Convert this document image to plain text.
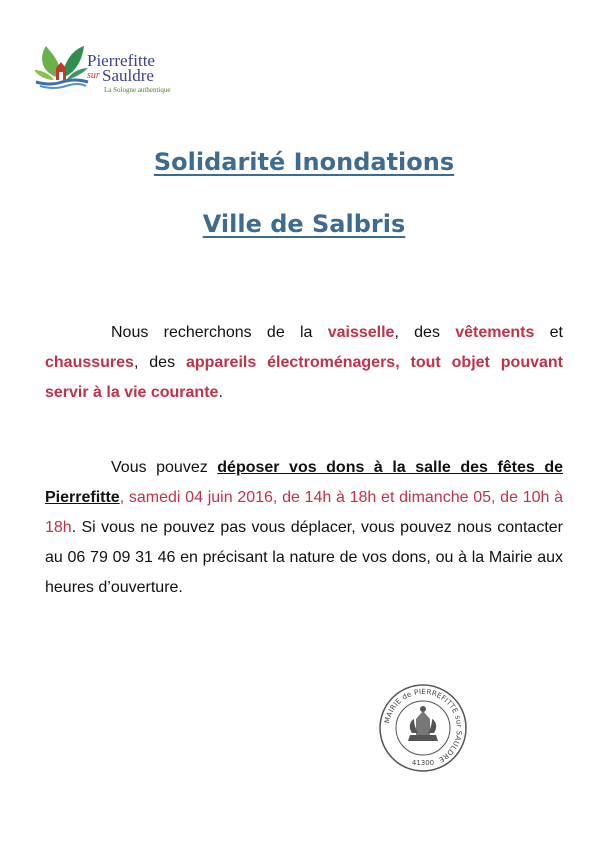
Pierrefitte
sur Sauldre
La Sologne authentique
Solidarité Inondations
Ville de Salbris
Nous recherchons de la vaisselle, des vêtements et chaussures, des appareils électroménagers, tout objet pouvant servir à la vie courante.
Vous pouvez déposer vos dons à la salle des fêtes de Pierrefitte, samedi 04 juin 2016, de 14h à 18h et dimanche 05, de 10h à 18h. Si vous ne pouvez pas vous déplacer, vous pouvez nous contacter au 06 79 09 31 46 en précisant la nature de vos dons, ou à la Mairie aux heures d’ouverture.
MAIRIE de PIERREFITTE sur SAULDRE
41300
